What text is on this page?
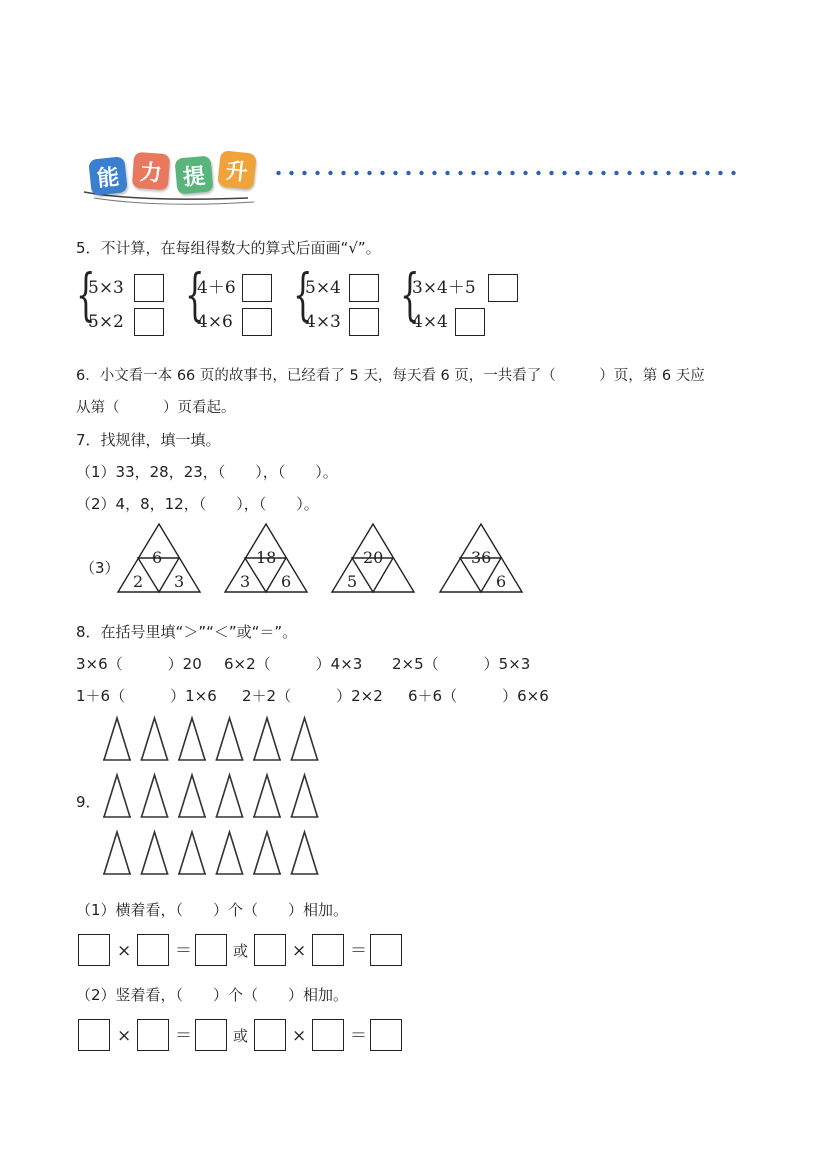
能 力 提 升
5．不计算，在每组得数大的算式后面画“√”。
{
5×3
5×2 {
4＋6
4×6 {
5×4
4×3 {
3×4＋5
4×4
6．小文看一本 66 页的故事书，已经看了 5 天，每天看 6 页，一共看了（　　　）页，第 6 天应
从第（　　　）页看起。
7．找规律，填一填。
（1）33，28，23，（　　），（　　）。
（2）4，8，12，（　　），（　　）。
（3）
6
2 3
18
3 6
20
5
36
6
8．在括号里填“＞”“＜”或“＝”。
3×6（　　　）20 6×2（　　　）4×3 2×5（　　　）5×3
1＋6（　　　）1×6 2＋2（　　　）2×2 6＋6（　　　）6×6
9．
（1）横着看，（　　）个（　　）相加。
×	＝	或	×	＝
（2）竖着看，（　　）个（　　）相加。
×	＝	或	×	＝
